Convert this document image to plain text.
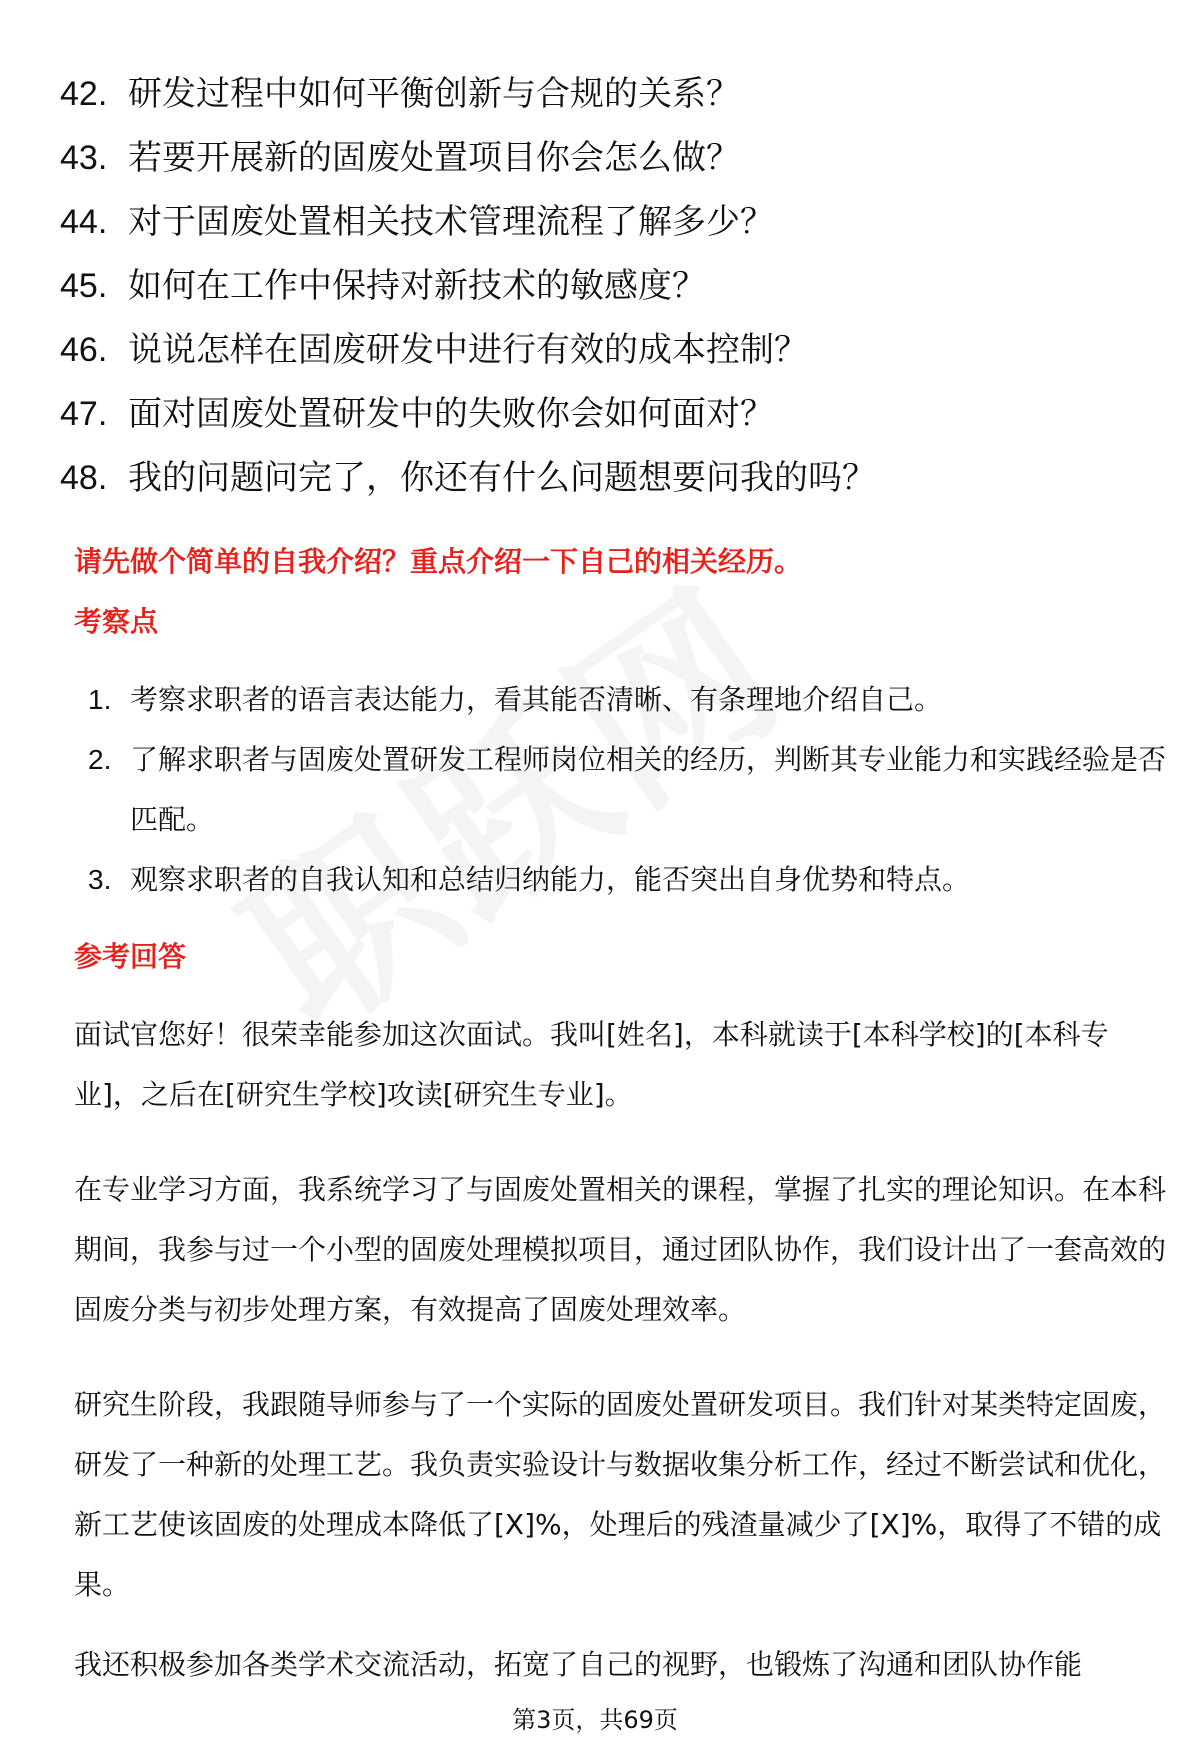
42. 研发过程中如何平衡创新与合规的关系？
43. 若要开展新的固废处置项目你会怎么做？
44. 对于固废处置相关技术管理流程了解多少？
45. 如何在工作中保持对新技术的敏感度？
46. 说说怎样在固废研发中进行有效的成本控制？
47. 面对固废处置研发中的失败你会如何面对？
48. 我的问题问完了，你还有什么问题想要问我的吗？
请先做个简单的自我介绍？重点介绍一下自己的相关经历。
考察点
1. 考察求职者的语言表达能力，看其能否清晰、有条理地介绍自己。
2. 了解求职者与固废处置研发工程师岗位相关的经历，判断其专业能力和实践经验是否匹配。
3. 观察求职者的自我认知和总结归纳能力，能否突出自身优势和特点。
参考回答

面试官您好！很荣幸能参加这次面试。我叫[姓名]，本科就读于[本科学校]的[本科专业]，之后在[研究生学校]攻读[研究生专业]。

在专业学习方面，我系统学习了与固废处置相关的课程，掌握了扎实的理论知识。在本科期间，我参与过一个小型的固废处理模拟项目，通过团队协作，我们设计出了一套高效的固废分类与初步处理方案，有效提高了固废处理效率。

研究生阶段，我跟随导师参与了一个实际的固废处置研发项目。我们针对某类特定固废，研发了一种新的处理工艺。我负责实验设计与数据收集分析工作，经过不断尝试和优化，新工艺使该固废的处理成本降低了[X]%，处理后的残渣量减少了[X]%，取得了不错的成果。

我还积极参加各类学术交流活动，拓宽了自己的视野，也锻炼了沟通和团队协作能

第3页，共69页
